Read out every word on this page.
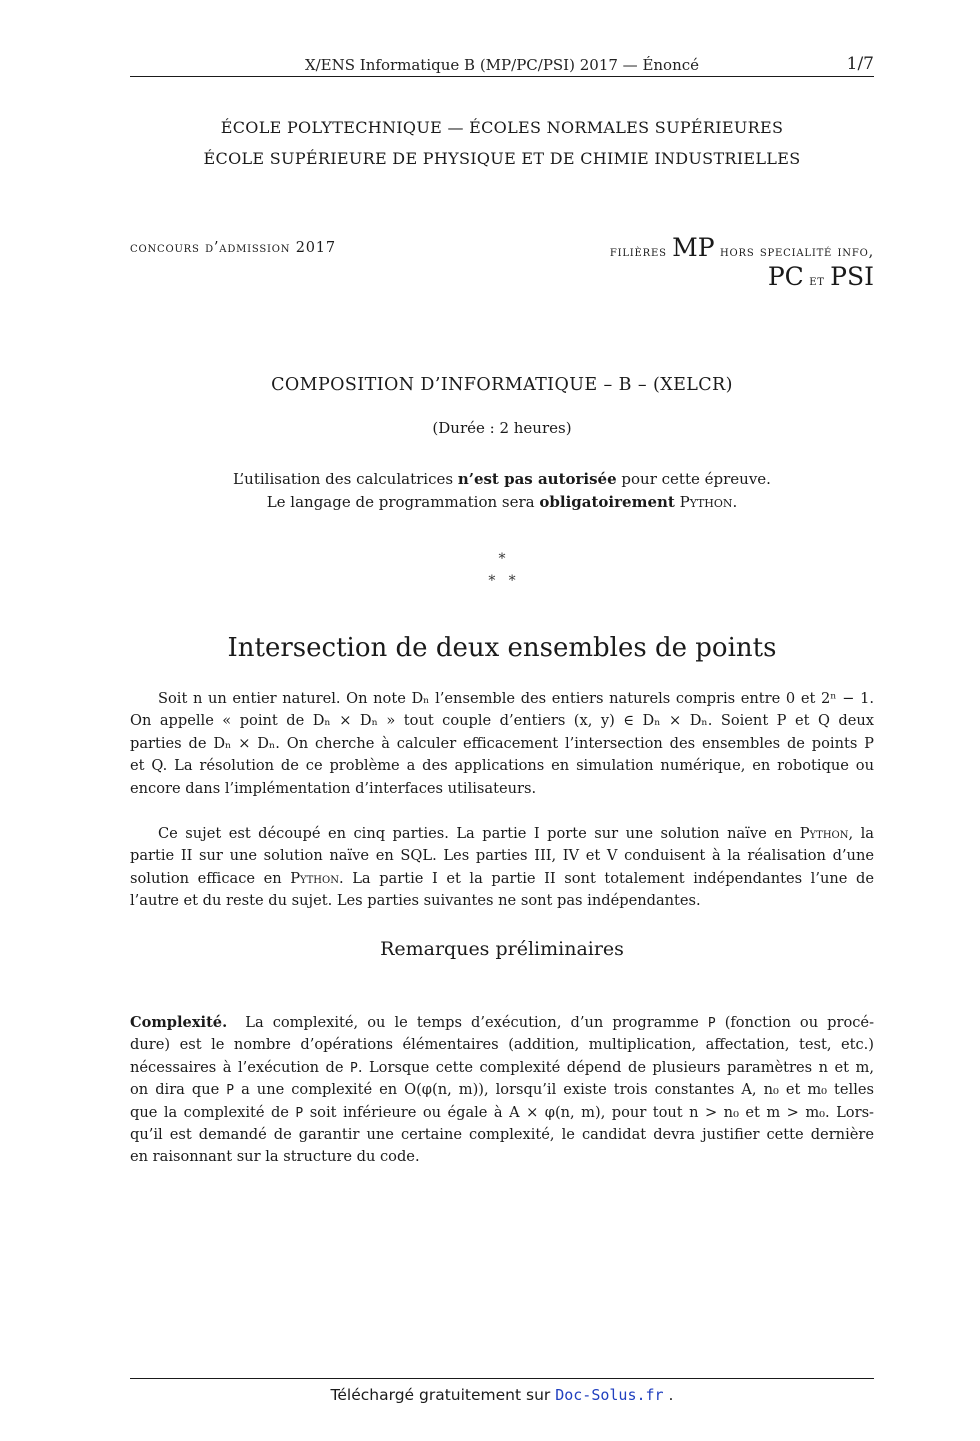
X/ENS Informatique B (MP/PC/PSI) 2017 — Énoncé	1/7
ÉCOLE POLYTECHNIQUE — ÉCOLES NORMALES SUPÉRIEURES
ÉCOLE SUPÉRIEURE DE PHYSIQUE ET DE CHIMIE INDUSTRIELLES
concours d’admission 2017	filières MP hors specialité info,
PC et PSI
COMPOSITION D’INFORMATIQUE – B – (XELCR)
(Durée : 2 heures)
L’utilisation des calculatrices n’est pas autorisée pour cette épreuve.
Le langage de programmation sera obligatoirement Python.
*
*   *
Intersection de deux ensembles de points
Soit n un entier naturel. On note Dₙ l’ensemble des entiers naturels compris entre 0 et 2ⁿ − 1.
On appelle « point de Dₙ × Dₙ » tout couple d’entiers (x, y) ∈ Dₙ × Dₙ. Soient P et Q deux
parties de Dₙ × Dₙ. On cherche à calculer efficacement l’intersection des ensembles de points P
et Q. La résolution de ce problème a des applications en simulation numérique, en robotique ou
encore dans l’implémentation d’interfaces utilisateurs.
Ce sujet est découpé en cinq parties. La partie I porte sur une solution naïve en Python, la
partie II sur une solution naïve en SQL. Les parties III, IV et V conduisent à la réalisation d’une
solution efficace en Python. La partie I et la partie II sont totalement indépendantes l’une de
l’autre et du reste du sujet. Les parties suivantes ne sont pas indépendantes.
Remarques préliminaires
Complexité.  La complexité, ou le temps d’exécution, d’un programme P (fonction ou procé-
dure) est le nombre d’opérations élémentaires (addition, multiplication, affectation, test, etc.)
nécessaires à l’exécution de P. Lorsque cette complexité dépend de plusieurs paramètres n et m,
on dira que P a une complexité en O(φ(n, m)), lorsqu’il existe trois constantes A, n₀ et m₀ telles
que la complexité de P soit inférieure ou égale à A × φ(n, m), pour tout n > n₀ et m > m₀. Lors-
qu’il est demandé de garantir une certaine complexité, le candidat devra justifier cette dernière
en raisonnant sur la structure du code.
Téléchargé gratuitement sur Doc-Solus.fr .
